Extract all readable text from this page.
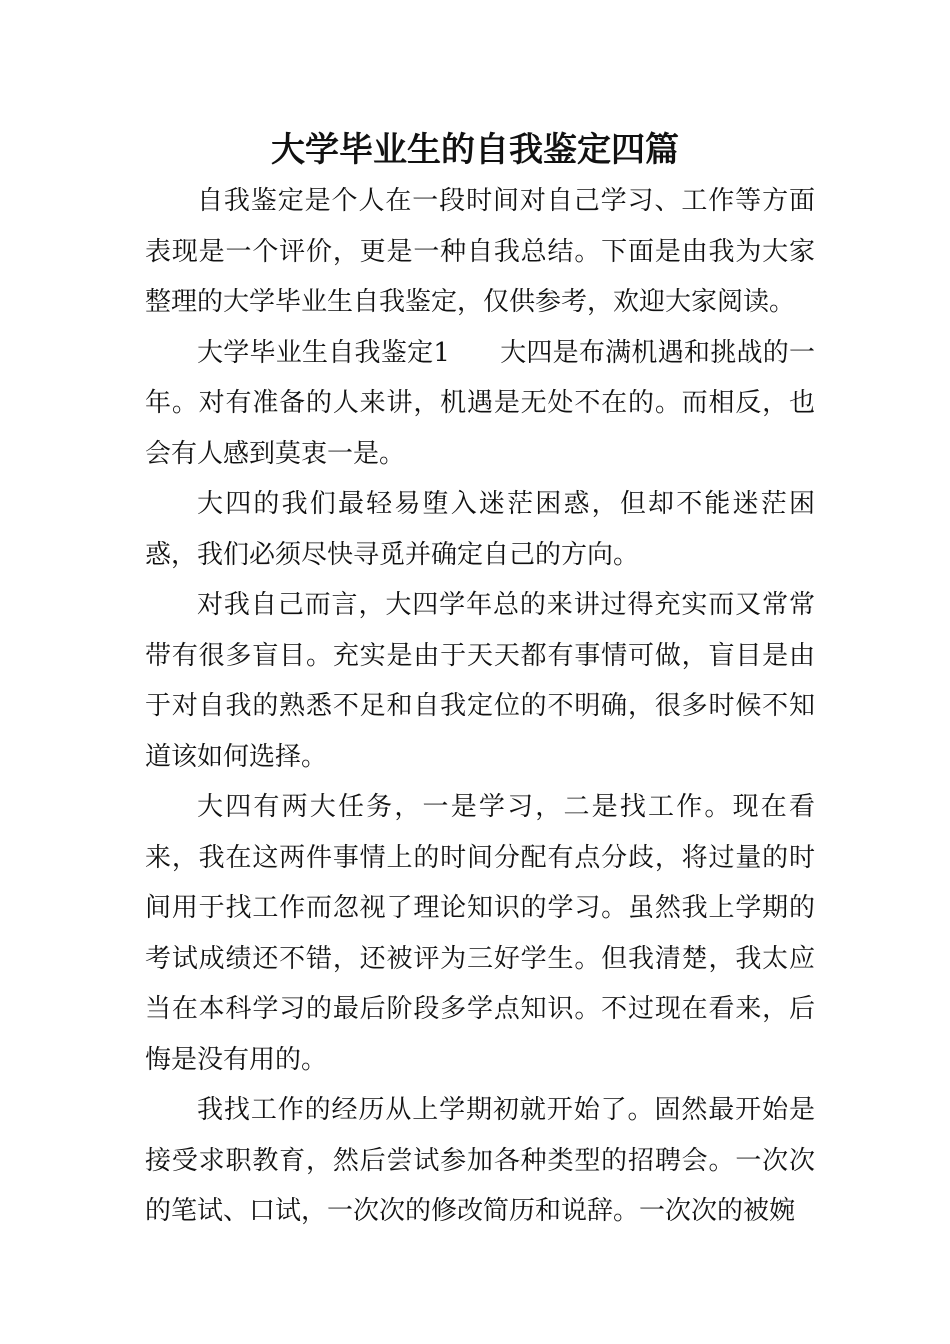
大学毕业生的自我鉴定四篇

自我鉴定是个人在一段时间对自己学习、工作等方面表现是一个评价，更是一种自我总结。下面是由我为大家整理的大学毕业生自我鉴定，仅供参考，欢迎大家阅读。

大学毕业生自我鉴定1 大四是布满机遇和挑战的一年。对有准备的人来讲，机遇是无处不在的。而相反，也会有人感到莫衷一是。

大四的我们最轻易堕入迷茫困惑，但却不能迷茫困惑，我们必须尽快寻觅并确定自己的方向。

对我自己而言，大四学年总的来讲过得充实而又常常带有很多盲目。充实是由于天天都有事情可做，盲目是由于对自我的熟悉不足和自我定位的不明确，很多时候不知道该如何选择。

大四有两大任务，一是学习，二是找工作。现在看来，我在这两件事情上的时间分配有点分歧，将过量的时间用于找工作而忽视了理论知识的学习。虽然我上学期的考试成绩还不错，还被评为三好学生。但我清楚，我太应当在本科学习的最后阶段多学点知识。不过现在看来，后悔是没有用的。

我找工作的经历从上学期初就开始了。固然最开始是接受求职教育，然后尝试参加各种类型的招聘会。一次次的笔试、口试，一次次的修改简历和说辞。一次次的被婉
